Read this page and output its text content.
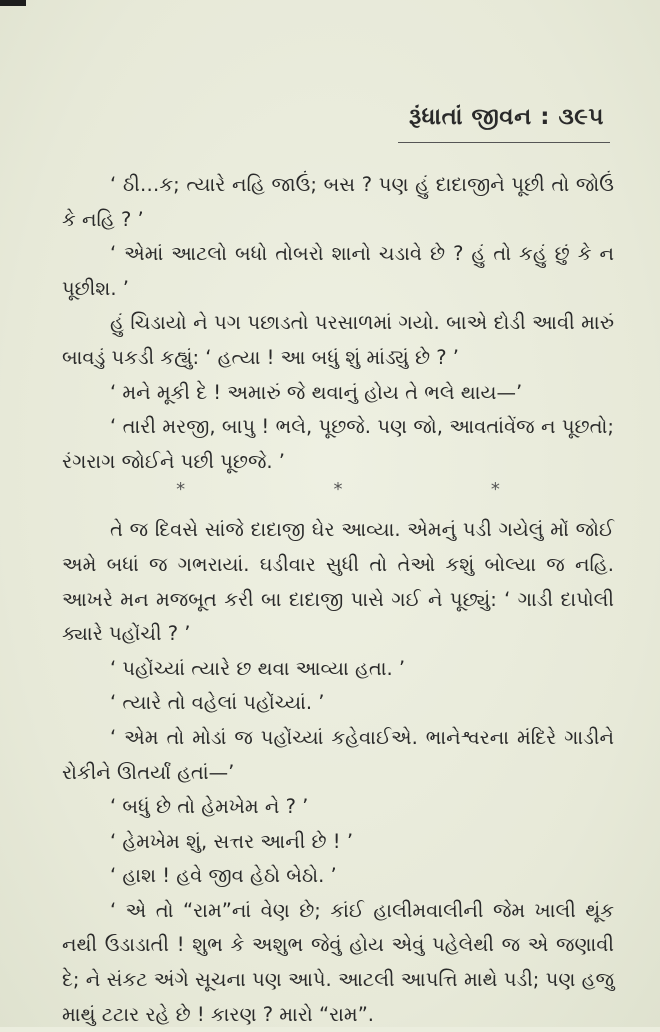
રૂંધાતાં જીવન : ૩૯૫

‘ ઠી…ક; ત્યારે નહિ જાઉં; બસ ? પણ હું દાદાજીને પૂછી તો જોઉં કે નહિ ? ’

‘ એમાં આટલો બધો તોબરો શાનો ચડાવે છે ? હું તો કહું છું કે ન પૂછીશ. ’

હું ચિડાયો ને પગ પછાડતો પરસાળમાં ગયો. બાએ દોડી આવી મારું બાવડું પકડી કહ્યું: ‘ હત્યા ! આ બધું શું માંડ્યું છે ? ’

‘ મને મૂકી દે ! અમારું જે થવાનું હોય તે ભલે થાય—’

‘ તારી મરજી, બાપુ ! ભલે, પૂછજે. પણ જો, આવતાંવેંજ ન પૂછતો; રંગરાગ જોઈને પછી પૂછજે. ’

*	*	*

તે જ દિવસે સાંજે દાદાજી ઘેર આવ્યા. એમનું પડી ગયેલું મોં જોઈ અમે બધાં જ ગભરાયાં. ઘડીવાર સુધી તો તેઓ કશું બોલ્યા જ નહિ. આખરે મન મજબૂત કરી બા દાદાજી પાસે ગઈ ને પૂછ્યું: ‘ ગાડી દાપોલી ક્યારે પહોંચી ? ’

‘ પહોંચ્યાં ત્યારે છ થવા આવ્યા હતા. ’

‘ ત્યારે તો વહેલાં પહોંચ્યાં. ’

‘ એમ તો મોડાં જ પહોંચ્યાં કહેવાઈએ. ભાનેશ્વરના મંદિરે ગાડીને રોકીને ઊતર્યાં હતાં—’

‘ બધું છે તો હેમખેમ ને ? ’

‘ હેમખેમ શું, સત્તર આની છે ! ’

‘ હાશ ! હવે જીવ હેઠો બેઠો. ’

‘ એ તો “રામ”નાં વેણ છે; કાંઈ હાલીમવાલીની જેમ ખાલી થૂંક નથી ઉડાડાતી ! શુભ કે અશુભ જેવું હોય એવું પહેલેથી જ એ જણાવી દે; ને સંકટ અંગે સૂચના પણ આપે. આટલી આપત્તિ માથે પડી; પણ હજુ માથું ટટાર રહે છે ! કારણ ? મારો “રામ”.
